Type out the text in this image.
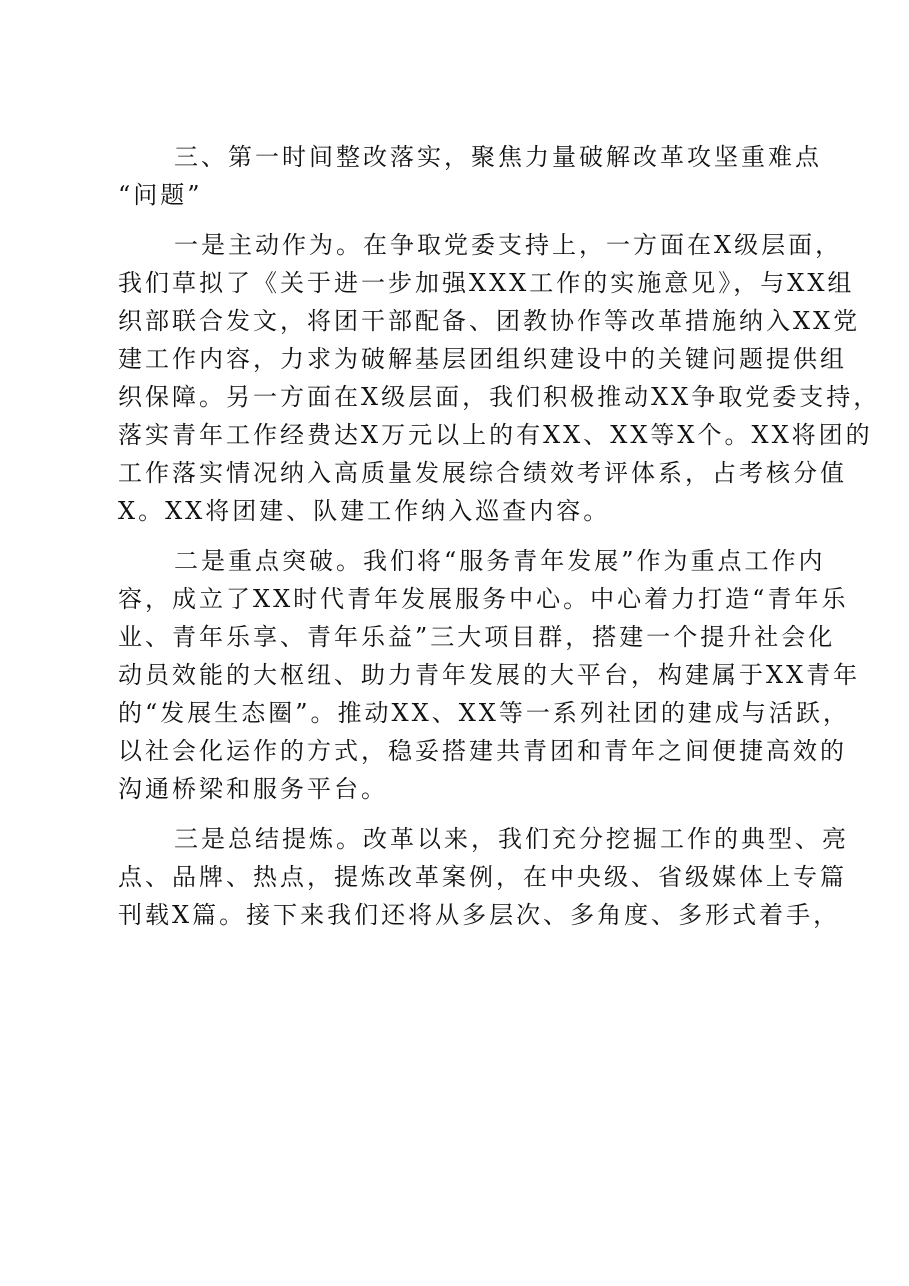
三、第一时间整改落实，聚焦力量破解改革攻坚重难点
“问题”
一是主动作为。在争取党委支持上，一方面在X级层面，
我们草拟了《关于进一步加强XXX工作的实施意见》，与XX组
织部联合发文，将团干部配备、团教协作等改革措施纳入XX党
建工作内容，力求为破解基层团组织建设中的关键问题提供组
织保障。另一方面在X级层面，我们积极推动XX争取党委支持，
落实青年工作经费达X万元以上的有XX、XX等X个。XX将团的
工作落实情况纳入高质量发展综合绩效考评体系，占考核分值
X。XX将团建、队建工作纳入巡查内容。
二是重点突破。我们将“服务青年发展”作为重点工作内
容，成立了XX时代青年发展服务中心。中心着力打造“青年乐
业、青年乐享、青年乐益”三大项目群，搭建一个提升社会化
动员效能的大枢纽、助力青年发展的大平台，构建属于XX青年
的“发展生态圈”。推动XX、XX等一系列社团的建成与活跃，
以社会化运作的方式，稳妥搭建共青团和青年之间便捷高效的
沟通桥梁和服务平台。
三是总结提炼。改革以来，我们充分挖掘工作的典型、亮
点、品牌、热点，提炼改革案例，在中央级、省级媒体上专篇
刊载X篇。接下来我们还将从多层次、多角度、多形式着手，
